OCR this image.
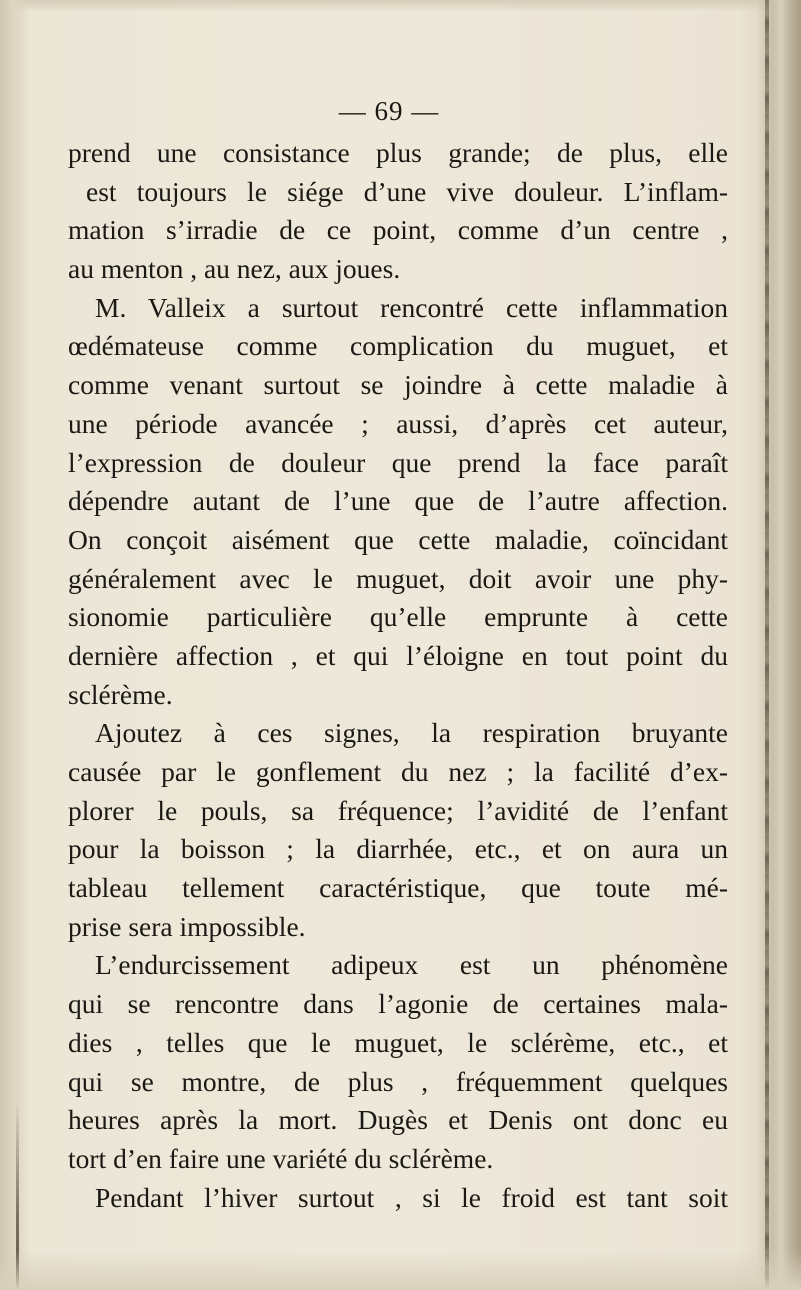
— 69 —
prend une consistance plus grande; de plus, elle
est toujours le siége d’une vive douleur. L’inflam-
mation s’irradie de ce point, comme d’un centre ,
au menton , au nez, aux joues.
M. Valleix a surtout rencontré cette inflammation
œdémateuse comme complication du muguet, et
comme venant surtout se joindre à cette maladie à
une période avancée ; aussi, d’après cet auteur,
l’expression de douleur que prend la face paraît
dépendre autant de l’une que de l’autre affection.
On conçoit aisément que cette maladie, coïncidant
généralement avec le muguet, doit avoir une phy-
sionomie particulière qu’elle emprunte à cette
dernière affection , et qui l’éloigne en tout point du
sclérème.
Ajoutez à ces signes, la respiration bruyante
causée par le gonflement du nez ; la facilité d’ex-
plorer le pouls, sa fréquence; l’avidité de l’enfant
pour la boisson ; la diarrhée, etc., et on aura un
tableau tellement caractéristique, que toute mé-
prise sera impossible.
L’endurcissement adipeux est un phénomène
qui se rencontre dans l’agonie de certaines mala-
dies , telles que le muguet, le sclérème, etc., et
qui se montre, de plus , fréquemment quelques
heures après la mort. Dugès et Denis ont donc eu
tort d’en faire une variété du sclérème.
Pendant l’hiver surtout , si le froid est tant soit
